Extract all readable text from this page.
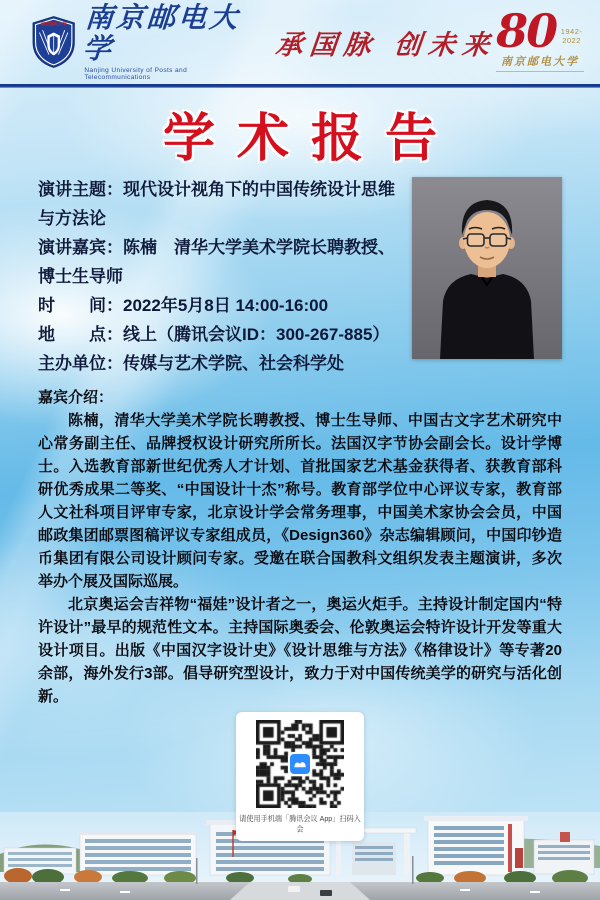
南京邮电大学 南京邮电大学
Nanjing University of Posts and Telecommunications
承国脉 创未来
80 1942-2022
南京邮电大学
学术报告

演讲主题：现代设计视角下的中国传统设计思维与方法论

演讲嘉宾：陈楠　清华大学美术学院长聘教授、博士生导师

时　　间：2022年5月8日 14:00-16:00

地　　点：线上（腾讯会议ID：300-267-885）

主办单位：传媒与艺术学院、社会科学处

嘉宾介绍：

陈楠，清华大学美术学院长聘教授、博士生导师、中国古文字艺术研究中心常务副主任、品牌授权设计研究所所长。法国汉字节协会副会长。设计学博士。入选教育部新世纪优秀人才计划、首批国家艺术基金获得者、获教育部科研优秀成果二等奖、“中国设计十杰”称号。教育部学位中心评议专家，教育部人文社科项目评审专家，北京设计学会常务理事，中国美术家协会会员，中国邮政集团邮票图稿评议专家组成员，《Design360》杂志编辑顾问，中国印钞造币集团有限公司设计顾问专家。受邀在联合国教科文组织发表主题演讲，多次举办个展及国际巡展。

北京奥运会吉祥物“福娃”设计者之一，奥运火炬手。主持设计制定国内“特许设计”最早的规范性文本。主持国际奥委会、伦敦奥运会特许设计开发等重大设计项目。出版《中国汉字设计史》《设计思维与方法》《格律设计》等专著20余部，海外发行3部。倡导研究型设计，致力于对中国传统美学的研究与活化创新。

请使用手机端「腾讯会议 App」扫码入会
